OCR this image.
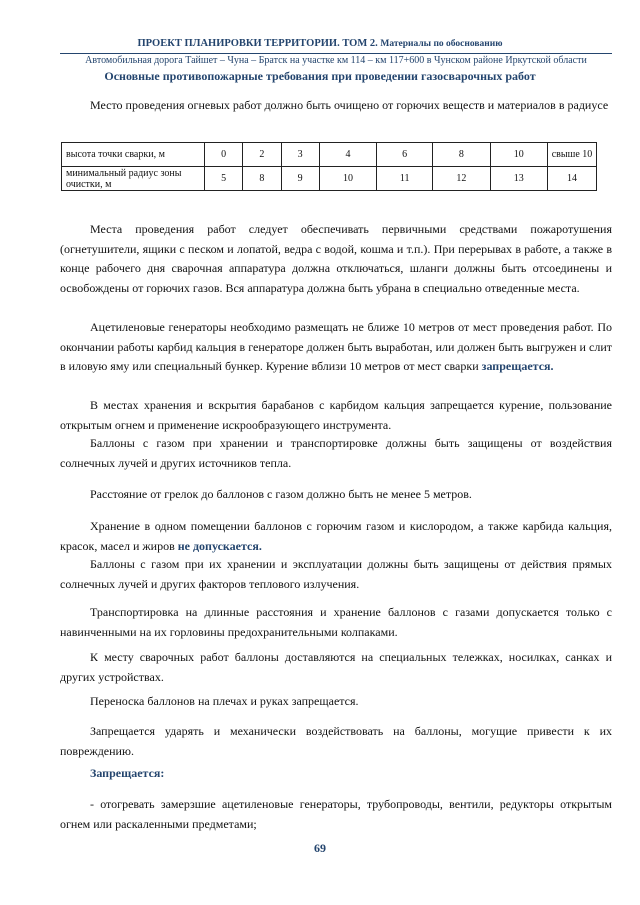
ПРОЕКТ ПЛАНИРОВКИ ТЕРРИТОРИИ. ТОМ 2. Материалы по обоснованию
Автомобильная дорога Тайшет – Чуна – Братск на участке км 114 – км 117+600 в Чунском районе Иркутской области
Основные противопожарные требования при проведении газосварочных работ

Место проведения огневых работ должно быть очищено от горючих веществ и материалов в радиусе

высота точки сварки, м	0	2	3	4	6	8	10	свыше 10
минимальный радиус зоны очистки, м	5	8	9	10	11	12	13	14

Места проведения работ следует обеспечивать первичными средствами пожаротушения (огнетушители, ящики с песком и лопатой, ведра с водой, кошма и т.п.). При перерывах в работе, а также в конце рабочего дня сварочная аппаратура должна отключаться, шланги должны быть отсоединены и освобождены от горючих газов. Вся аппаратура должна быть убрана в специально отведенные места.

Ацетиленовые генераторы необходимо размещать не ближе 10 метров от мест проведения работ. По окончании работы карбид кальция в генераторе должен быть выработан, или должен быть выгружен и слит в иловую яму или специальный бункер. Курение вблизи 10 метров от мест сварки запрещается.

В местах хранения и вскрытия барабанов с карбидом кальция запрещается курение, пользование открытым огнем и применение искрообразующего инструмента.

Баллоны с газом при хранении и транспортировке должны быть защищены от воздействия солнечных лучей и других источников тепла.

Расстояние от грелок до баллонов с газом должно быть не менее 5 метров.

Хранение в одном помещении баллонов с горючим газом и кислородом, а также карбида кальция, красок, масел и жиров не допускается.

Баллоны с газом при их хранении и эксплуатации должны быть защищены от действия прямых солнечных лучей и других факторов теплового излучения.

Транспортировка на длинные расстояния и хранение баллонов с газами допускается только с навинченными на их горловины предохранительными колпаками.

К месту сварочных работ баллоны доставляются на специальных тележках, носилках, санках и других устройствах.

Переноска баллонов на плечах и руках запрещается.

Запрещается ударять и механически воздействовать на баллоны, могущие привести к их повреждению.

Запрещается:

- отогревать замерзшие ацетиленовые генераторы, трубопроводы, вентили, редукторы открытым огнем или раскаленными предметами;

69
